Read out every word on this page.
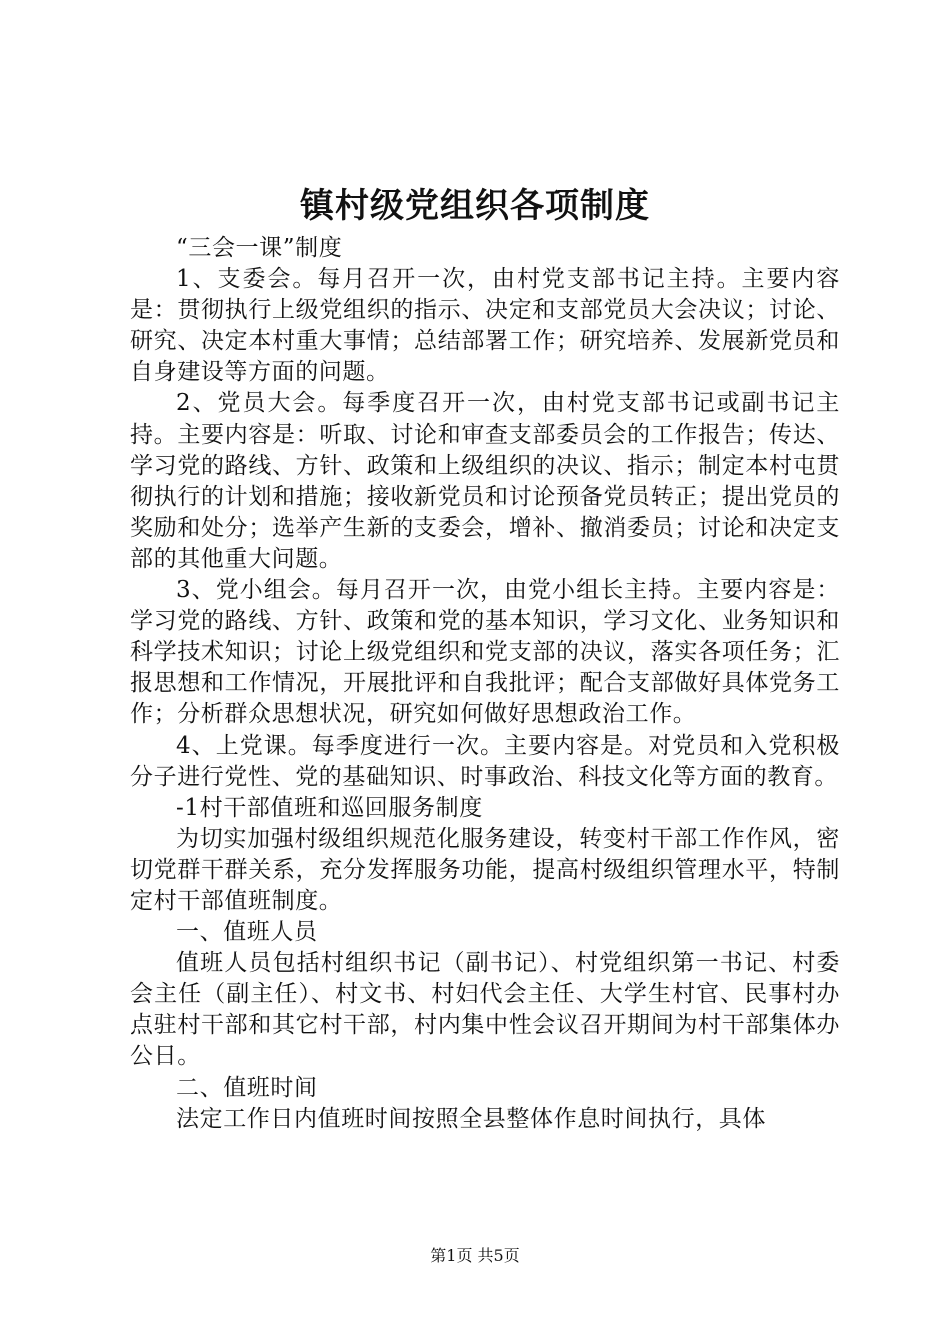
镇村级党组织各项制度

“三会一课”制度

1、支委会。每月召开一次，由村党支部书记主持。主要内容是：贯彻执行上级党组织的指示、决定和支部党员大会决议；讨论、研究、决定本村重大事情；总结部署工作；研究培养、发展新党员和自身建设等方面的问题。

2、党员大会。每季度召开一次，由村党支部书记或副书记主持。主要内容是：听取、讨论和审查支部委员会的工作报告；传达、学习党的路线、方针、政策和上级组织的决议、指示；制定本村屯贯彻执行的计划和措施；接收新党员和讨论预备党员转正；提出党员的奖励和处分；选举产生新的支委会，增补、撤消委员；讨论和决定支部的其他重大问题。

3、党小组会。每月召开一次，由党小组长主持。主要内容是：学习党的路线、方针、政策和党的基本知识，学习文化、业务知识和科学技术知识；讨论上级党组织和党支部的决议，落实各项任务；汇报思想和工作情况，开展批评和自我批评；配合支部做好具体党务工作；分析群众思想状况，研究如何做好思想政治工作。

4、上党课。每季度进行一次。主要内容是。对党员和入党积极分子进行党性、党的基础知识、时事政治、科技文化等方面的教育。

-1村干部值班和巡回服务制度

为切实加强村级组织规范化服务建设，转变村干部工作作风，密切党群干群关系，充分发挥服务功能，提高村级组织管理水平，特制定村干部值班制度。

一、值班人员

值班人员包括村组织书记（副书记）、村党组织第一书记、村委会主任（副主任）、村文书、村妇代会主任、大学生村官、民事村办点驻村干部和其它村干部，村内集中性会议召开期间为村干部集体办公日。

二、值班时间

法定工作日内值班时间按照全县整体作息时间执行，具体

第1页 共5页
